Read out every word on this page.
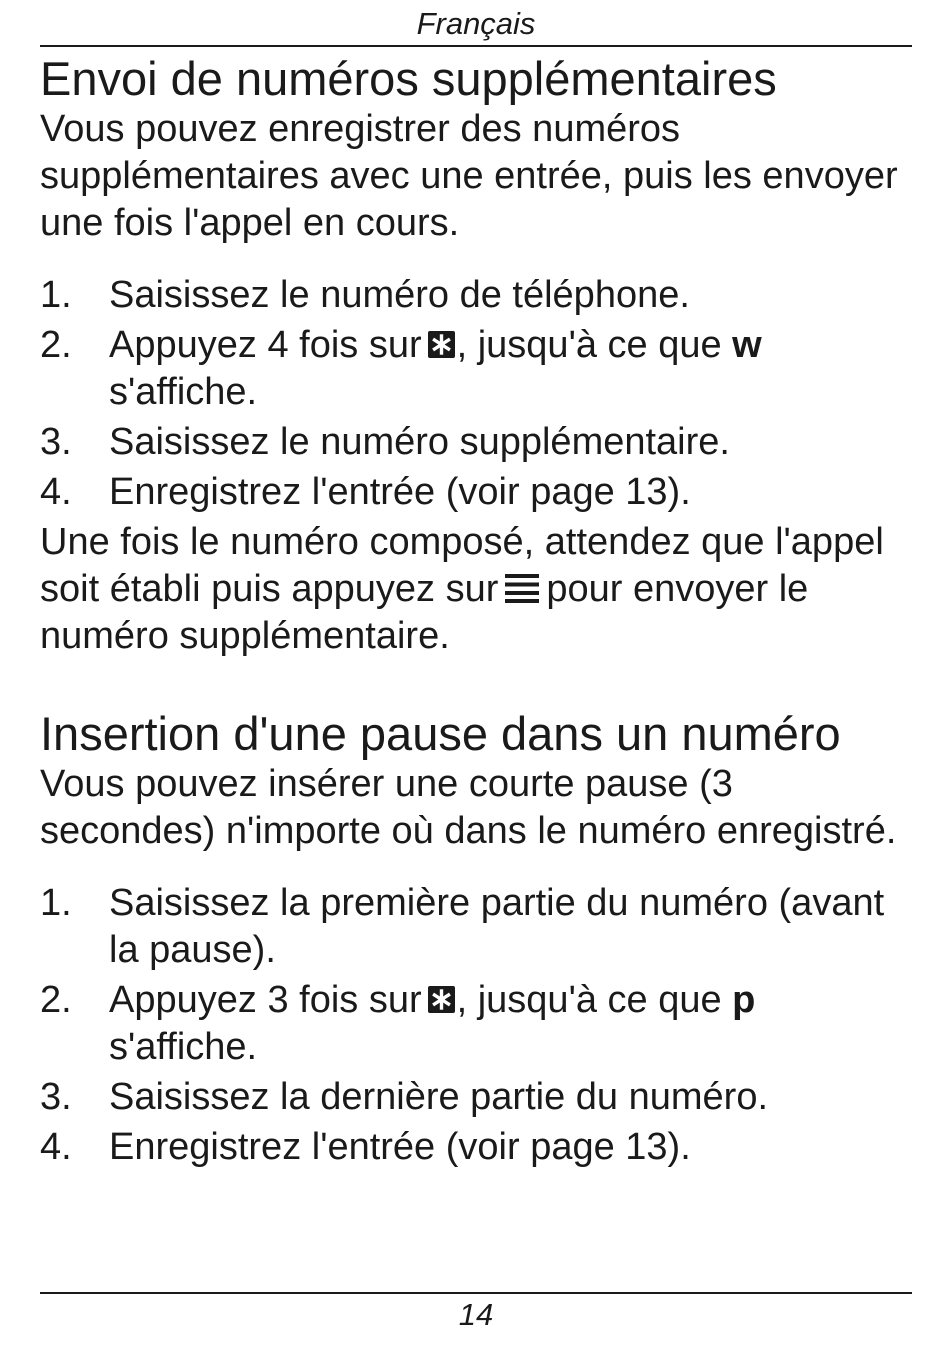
Français
Envoi de numéros supplémentaires

Vous pouvez enregistrer des numéros supplémentaires avec une entrée, puis les envoyer une fois l'appel en cours.

1. Saisissez le numéro de téléphone.
2. Appuyez 4 fois sur , jusqu'à ce que w
s'affiche.
3. Saisissez le numéro supplémentaire.
4. Enregistrez l'entrée (voir page 13).

Une fois le numéro composé, attendez que l'appel soit établi puis appuyez sur pour envoyer le numéro supplémentaire.

Insertion d'une pause dans un numéro

Vous pouvez insérer une courte pause (3 secondes) n'importe où dans le numéro enregistré.

1. Saisissez la première partie du numéro (avant la pause).
2. Appuyez 3 fois sur , jusqu'à ce que p
s'affiche.
3. Saisissez la dernière partie du numéro.
4. Enregistrez l'entrée (voir page 13).
14
